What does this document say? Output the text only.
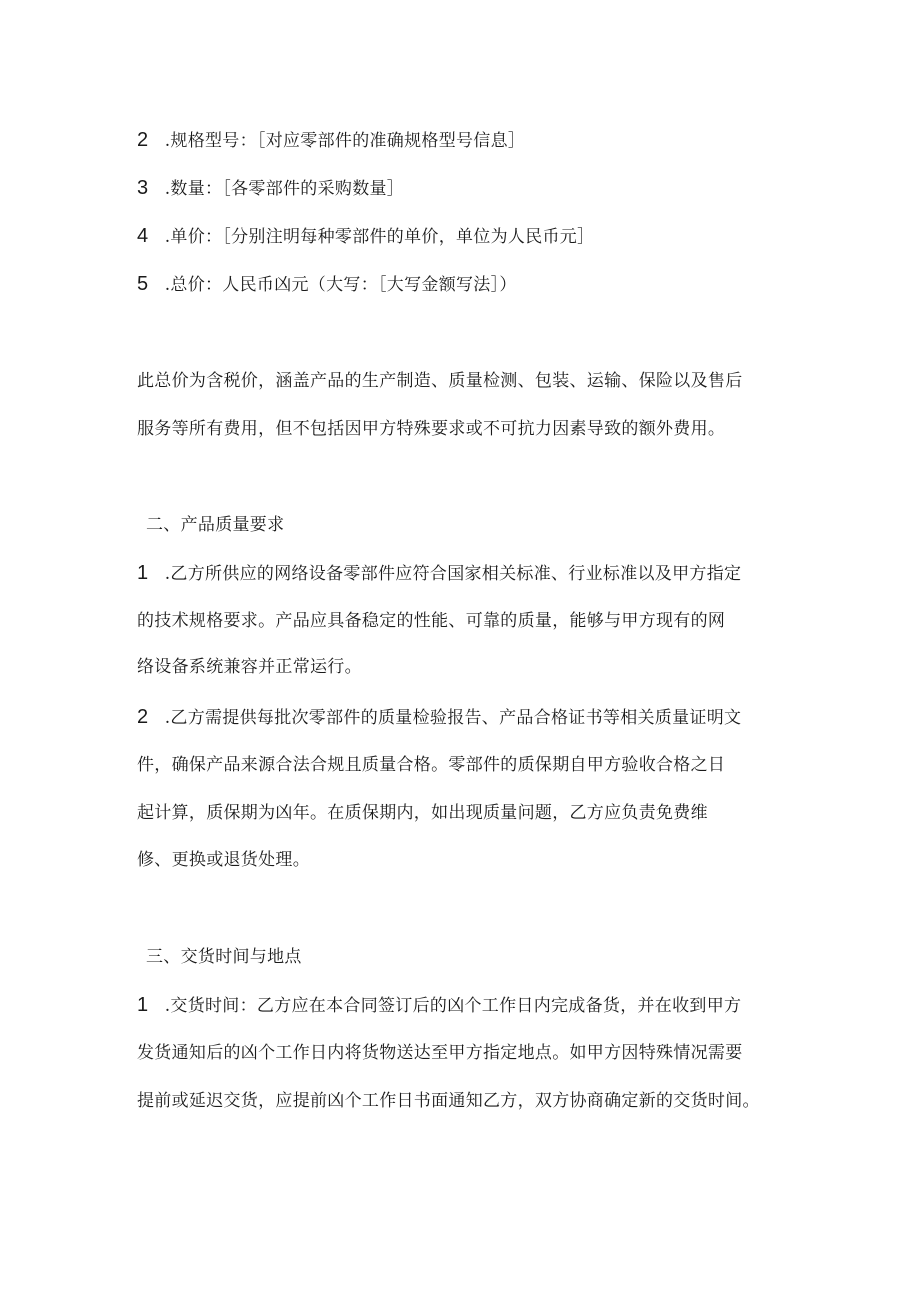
2 .规格型号：［对应零部件的准确规格型号信息］
3 .数量：［各零部件的采购数量］
4 .单价：［分别注明每种零部件的单价，单位为人民币元］
5 .总价：人民币凶元（大写：［大写金额写法］）
此总价为含税价，涵盖产品的生产制造、质量检测、包装、运输、保险以及售后
服务等所有费用，但不包括因甲方特殊要求或不可抗力因素导致的额外费用。
二、产品质量要求
1 .乙方所供应的网络设备零部件应符合国家相关标准、行业标准以及甲方指定
的技术规格要求。产品应具备稳定的性能、可靠的质量，能够与甲方现有的网
络设备系统兼容并正常运行。
2 .乙方需提供每批次零部件的质量检验报告、产品合格证书等相关质量证明文
件，确保产品来源合法合规且质量合格。零部件的质保期自甲方验收合格之日
起计算，质保期为凶年。在质保期内，如出现质量问题，乙方应负责免费维
修、更换或退货处理。
三、交货时间与地点
1 .交货时间：乙方应在本合同签订后的凶个工作日内完成备货，并在收到甲方
发货通知后的凶个工作日内将货物送达至甲方指定地点。如甲方因特殊情况需要
提前或延迟交货，应提前凶个工作日书面通知乙方，双方协商确定新的交货时间。
